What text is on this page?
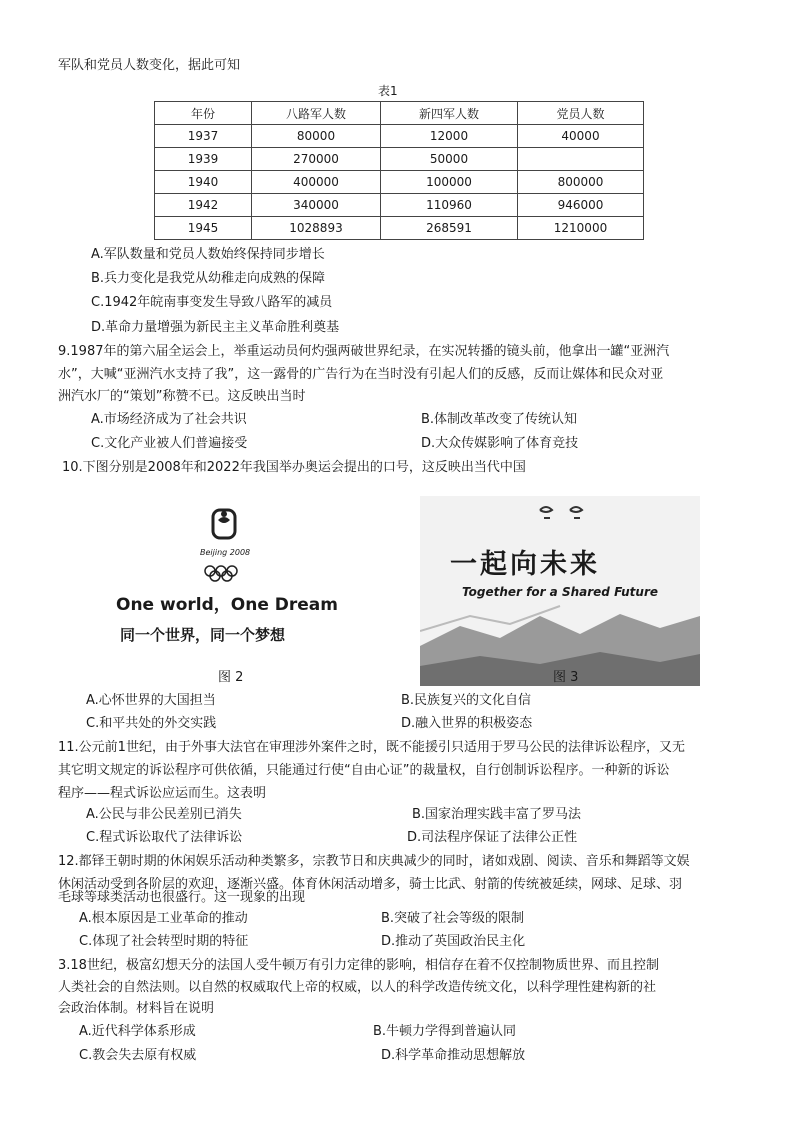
军队和党员人数变化，据此可知
表1
年份	八路军人数	新四军人数	党员人数
1937	80000	12000	40000
1939	270000	50000	
1940	400000	100000	800000
1942	340000	110960	946000
1945	1028893	268591	1210000
A.军队数量和党员人数始终保持同步增长
B.兵力变化是我党从幼稚走向成熟的保障
C.1942年皖南事变发生导致八路军的减员
D.革命力量增强为新民主主义革命胜利奠基
9.1987年的第六届全运会上，举重运动员何灼强两破世界纪录，在实况转播的镜头前，他拿出一罐“亚洲汽
水”，大喊“亚洲汽水支持了我”，这一露骨的广告行为在当时没有引起人们的反感，反而让媒体和民众对亚
洲汽水厂的“策划”称赞不已。这反映出当时
A.市场经济成为了社会共识	B.体制改革改变了传统认知
C.文化产业被人们普遍接受	D.大众传媒影响了体育竞技
10.下图分别是2008年和2022年我国举办奥运会提出的口号，这反映出当代中国
Beijing 2008
One world，One Dream
同一个世界，同一个梦想
图 2
一起向未来
Together for a Shared Future
图 3
A.心怀世界的大国担当	B.民族复兴的文化自信
C.和平共处的外交实践	D.融入世界的积极姿态
11.公元前1世纪，由于外事大法官在审理涉外案件之时，既不能援引只适用于罗马公民的法律诉讼程序，又无
其它明文规定的诉讼程序可供依循，只能通过行使“自由心证”的裁量权，自行创制诉讼程序。一种新的诉讼
程序——程式诉讼应运而生。这表明
A.公民与非公民差别已消失	B.国家治理实践丰富了罗马法
C.程式诉讼取代了法律诉讼	D.司法程序保证了法律公正性
12.都铎王朝时期的休闲娱乐活动种类繁多，宗教节日和庆典减少的同时，诸如戏剧、阅读、音乐和舞蹈等文娱
休闲活动受到各阶层的欢迎，逐渐兴盛。体育休闲活动增多，骑士比武、射箭的传统被延续，网球、足球、羽
毛球等球类活动也很盛行。这一现象的出现
A.根本原因是工业革命的推动	B.突破了社会等级的限制
C.体现了社会转型时期的特征	D.推动了英国政治民主化
3.18世纪，极富幻想天分的法国人受牛顿万有引力定律的影响，相信存在着不仅控制物质世界、而且控制
人类社会的自然法则。以自然的权威取代上帝的权威，以人的科学改造传统文化，以科学理性建构新的社
会政治体制。材料旨在说明
A.近代科学体系形成	B.牛顿力学得到普遍认同
C.教会失去原有权威	D.科学革命推动思想解放
